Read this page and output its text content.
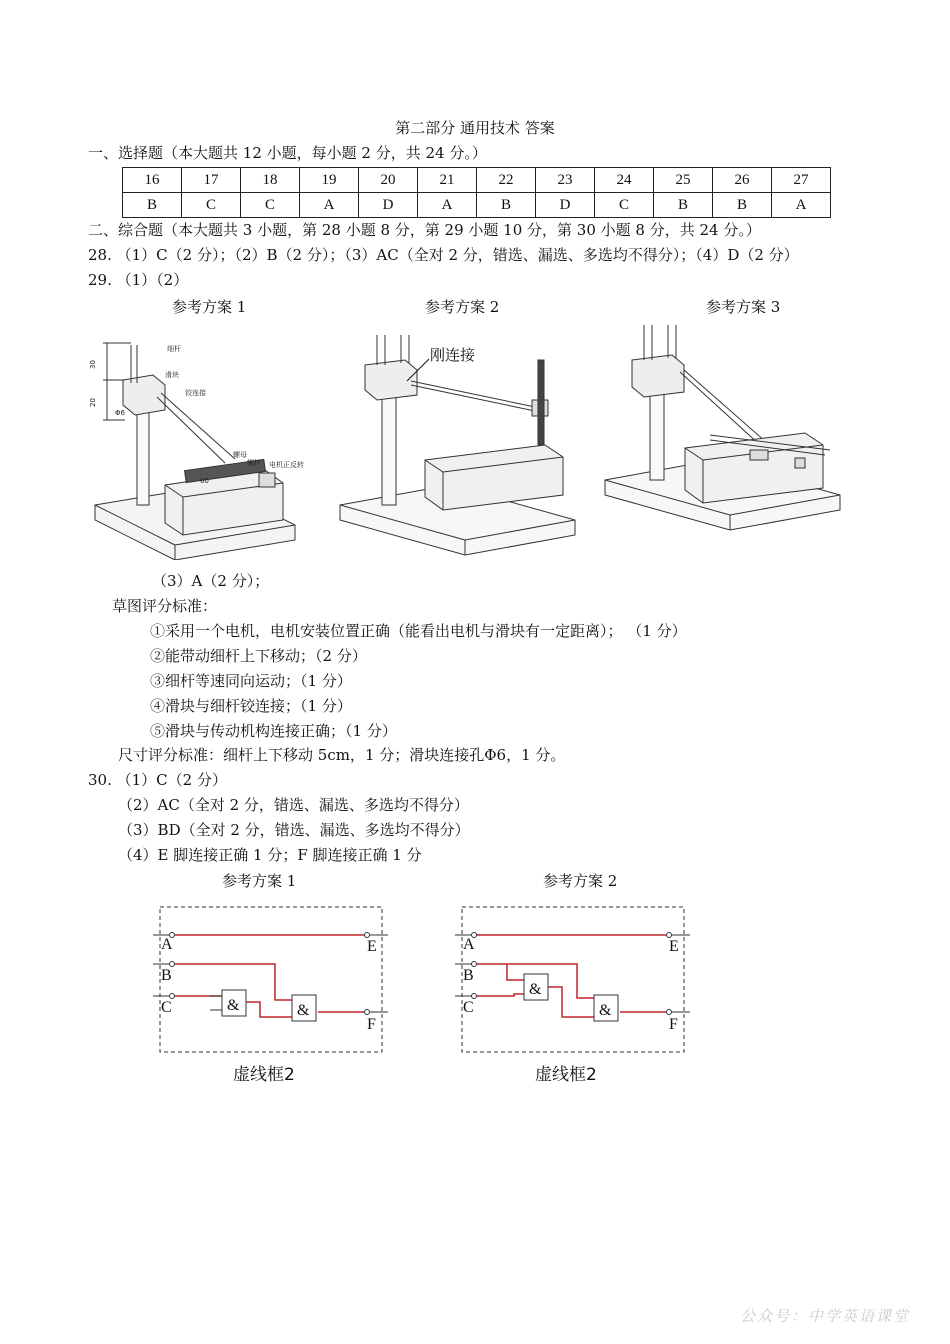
第二部分 通用技术 答案
一、选择题（本大题共 12 小题，每小题 2 分，共 24 分。）
16	17	18	19	20	21	22	23	24	25	26	27
B	C	C	A	D	A	B	D	C	B	B	A
二、综合题（本大题共 3 小题，第 28 小题 8 分，第 29 小题 10 分，第 30 小题 8 分，共 24 分。）
28. （1）C（2 分）；（2）B（2 分）；（3）AC（全对 2 分，错选、漏选、多选均不得分）；（4）D（2 分）
29. （1）（2）
参考方案 1	参考方案 2	参考方案 3
30
20
Φ6
细杆
滑块
铰连接
螺母
螺杆 电机正反转
60
刚连接
（3）A（2 分）；
草图评分标准：
①采用一个电机，电机安装位置正确（能看出电机与滑块有一定距离）； （1 分）
②能带动细杆上下移动；（2 分）
③细杆等速同向运动；（1 分）
④滑块与细杆铰连接；（1 分）
⑤滑块与传动机构连接正确；（1 分）
尺寸评分标准：细杆上下移动 5cm，1 分；滑块连接孔Φ6，1 分。
30. （1）C（2 分）
（2）AC（全对 2 分，错选、漏选、多选均不得分）
（3）BD（全对 2 分，错选、漏选、多选均不得分）
（4）E 脚连接正确 1 分；F 脚连接正确 1 分
参考方案 1	参考方案 2
&	&
A
B
C
E
F
虚线框2
&
&
A
B
C
E
F
虚线框2
公众号：中学英语课堂
